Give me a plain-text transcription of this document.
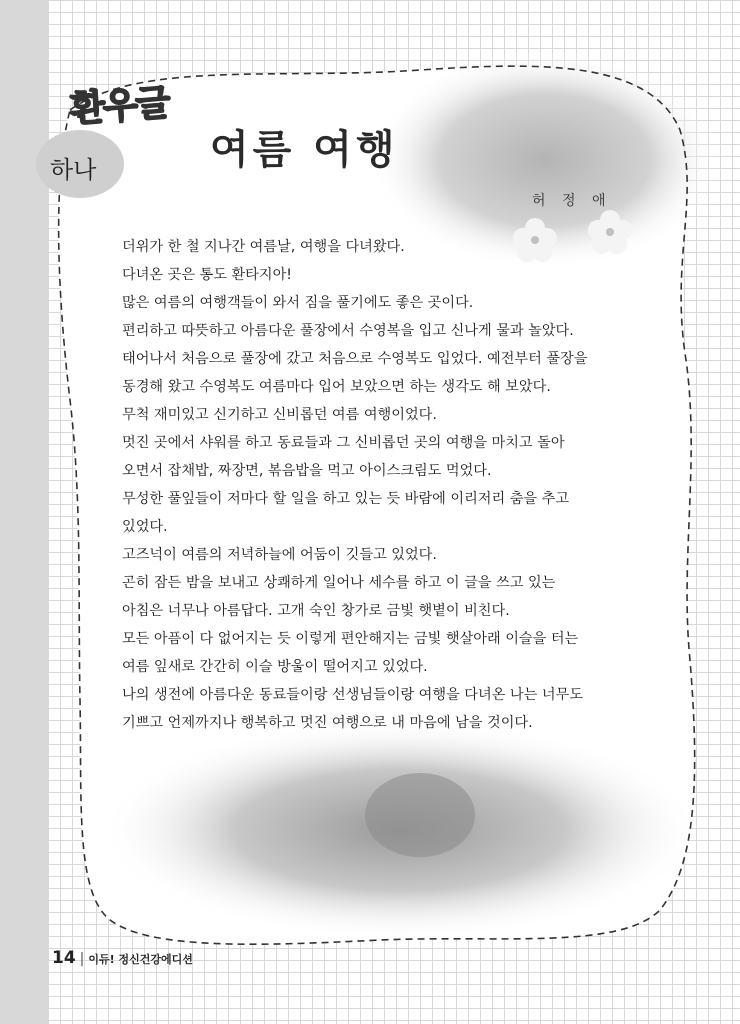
하나
환우글
여름 여행
허 정 애
더위가 한 철 지나간 여름날, 여행을 다녀왔다.
다녀온 곳은 통도 환타지아!
많은 여름의 여행객들이 와서 짐을 풀기에도 좋은 곳이다.
편리하고 따뜻하고 아름다운 풀장에서 수영복을 입고 신나게 물과 놀았다.
태어나서 처음으로 풀장에 갔고 처음으로 수영복도 입었다. 예전부터 풀장을
동경해 왔고 수영복도 여름마다 입어 보았으면 하는 생각도 해 보았다.
무척 재미있고 신기하고 신비롭던 여름 여행이었다.
멋진 곳에서 샤워를 하고 동료들과 그 신비롭던 곳의 여행을 마치고 돌아
오면서 잡채밥, 짜장면, 볶음밥을 먹고 아이스크림도 먹었다.
무성한 풀잎들이 저마다 할 일을 하고 있는 듯 바람에 이리저리 춤을 추고
있었다.
고즈넉이 여름의 저녁하늘에 어둠이 깃들고 있었다.
곤히 잠든 밤을 보내고 상쾌하게 일어나 세수를 하고 이 글을 쓰고 있는
아침은 너무나 아름답다. 고개 숙인 창가로 금빛 햇볕이 비친다.
모든 아픔이 다 없어지는 듯 이렇게 편안해지는 금빛 햇살아래 이슬을 터는
여름 잎새로 간간히 이슬 방울이 떨어지고 있었다.
나의 생전에 아름다운 동료들이랑 선생님들이랑 여행을 다녀온 나는 너무도
기쁘고 언제까지나 행복하고 멋진 여행으로 내 마음에 남을 것이다.
14 | 이듀! 정신건강에디션
